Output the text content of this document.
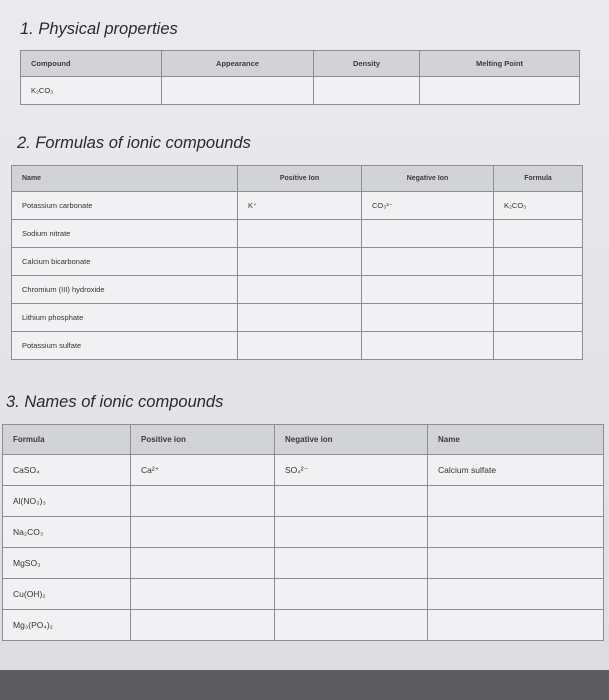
1. Physical properties
Compound	Appearance	Density	Melting Point
K₂CO₃			
2. Formulas of ionic compounds
Name	Positive Ion	Negative Ion	Formula
Potassium carbonate	K⁺	CO₃²⁻	K₂CO₃
Sodium nitrate			
Calcium bicarbonate			
Chromium (III) hydroxide			
Lithium phosphate			
Potassium sulfate			
3. Names of ionic compounds
Formula	Positive ion	Negative ion	Name
CaSO₄	Ca²⁺	SO₄²⁻	Calcium sulfate
Al(NO₃)₃			
Na₂CO₃			
MgSO₃			
Cu(OH)₂			
Mg₃(PO₄)₂			
